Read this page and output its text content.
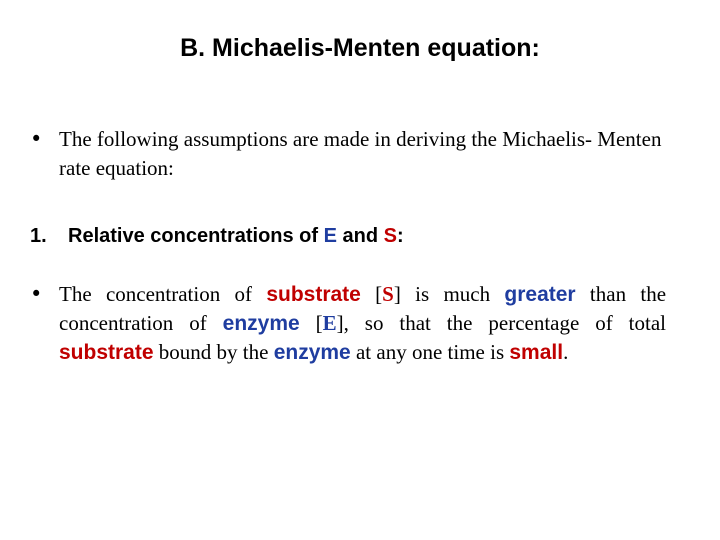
B. Michaelis-Menten equation:
• The following assumptions are made in deriving the Michaelis- Menten rate equation:
1. Relative concentrations of E and S:
• The concentration of substrate [S] is much greater than the concentration of enzyme [E], so that the percentage of total substrate bound by the enzyme at any one time is small.
